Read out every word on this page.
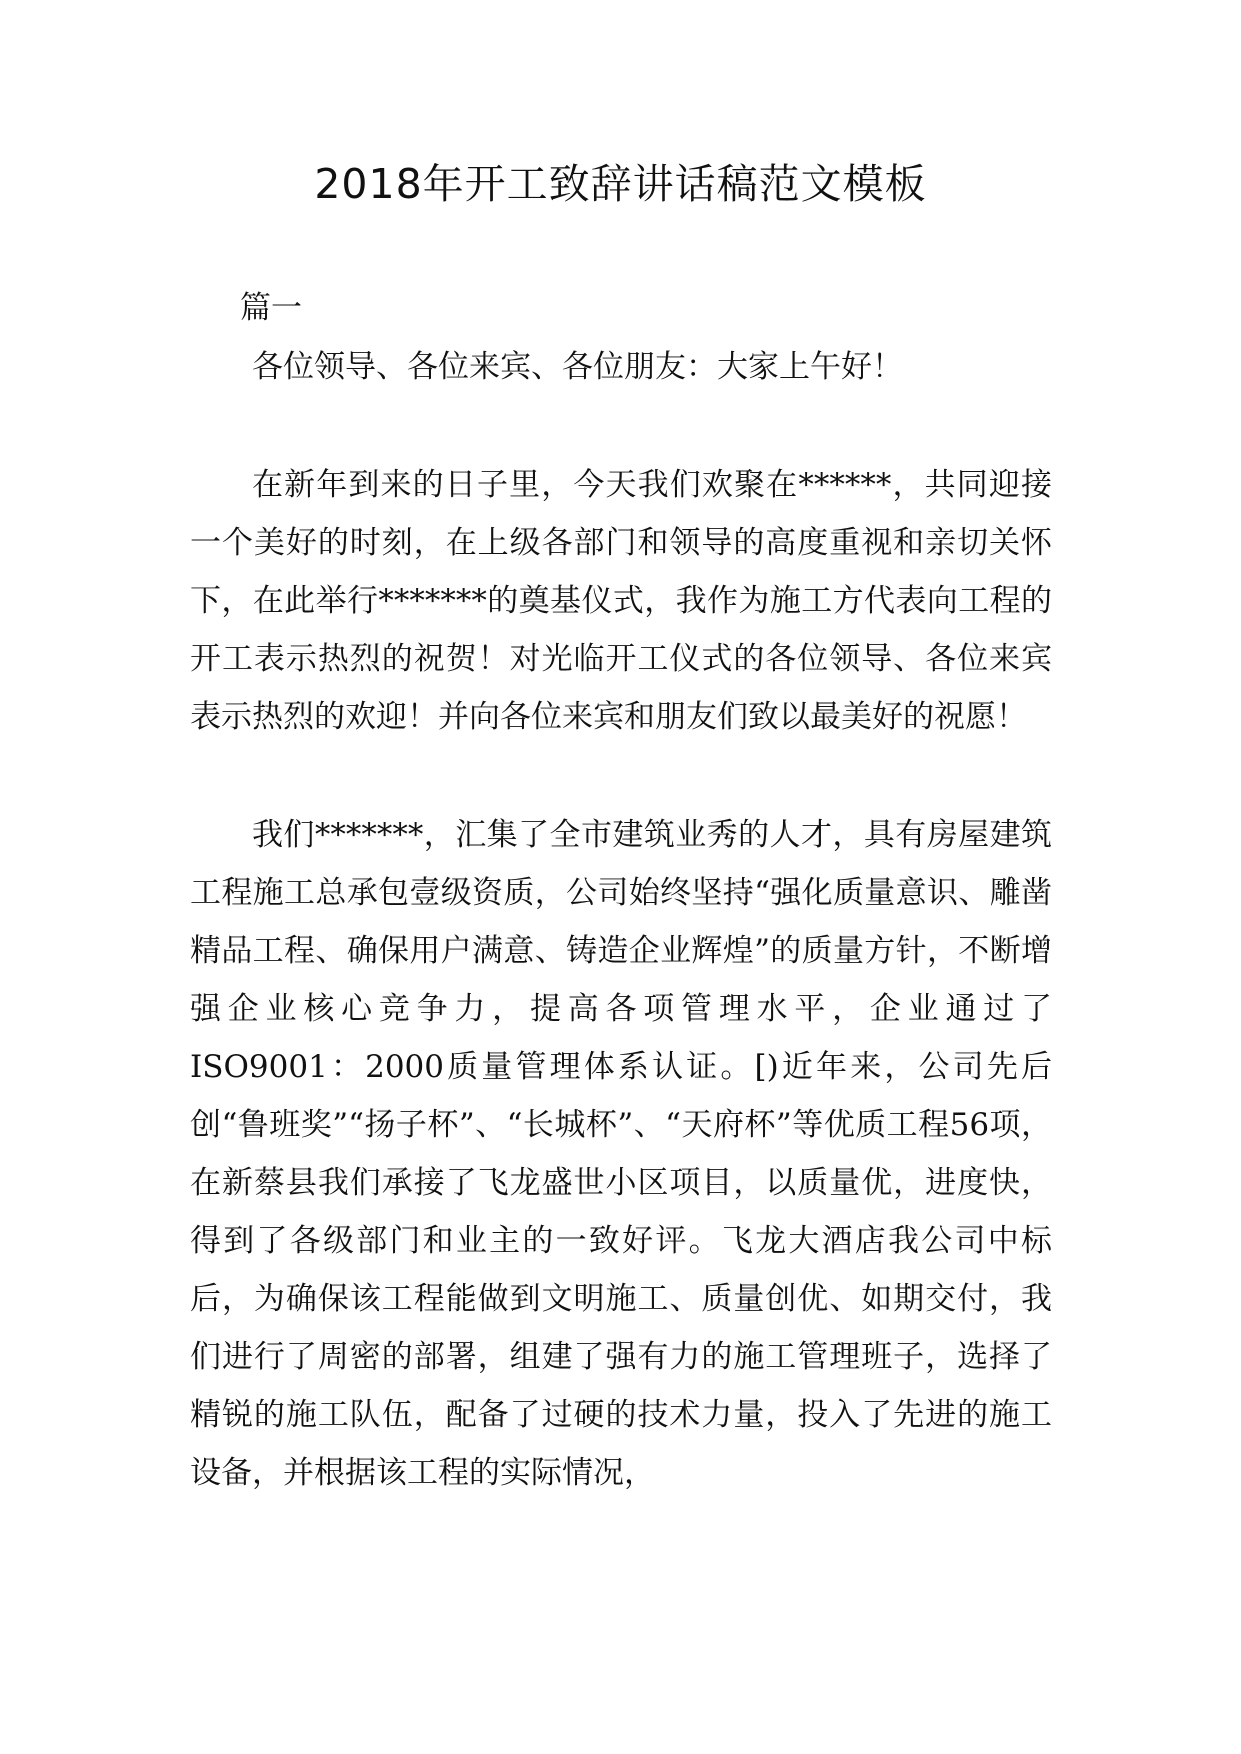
2018年开工致辞讲话稿范文模板
篇一

各位领导、各位来宾、各位朋友：大家上午好！

在新年到来的日子里，今天我们欢聚在******，共同迎接一个美好的时刻，在上级各部门和领导的高度重视和亲切关怀下，在此举行*******的奠基仪式，我作为施工方代表向工程的开工表示热烈的祝贺！对光临开工仪式的各位领导、各位来宾表示热烈的欢迎！并向各位来宾和朋友们致以最美好的祝愿！

我们*******，汇集了全市建筑业秀的人才，具有房屋建筑工程施工总承包壹级资质，公司始终坚持“强化质量意识、雕凿精品工程、确保用户满意、铸造企业辉煌”的质量方针，不断增强企业核心竞争力，提高各项管理水平，企业通过了ISO9001：2000质量管理体系认证。[)近年来，公司先后创“鲁班奖”“扬子杯”、“长城杯”、“天府杯”等优质工程56项，在新蔡县我们承接了飞龙盛世小区项目，以质量优，进度快，得到了各级部门和业主的一致好评。飞龙大酒店我公司中标后，为确保该工程能做到文明施工、质量创优、如期交付，我们进行了周密的部署，组建了强有力的施工管理班子，选择了精锐的施工队伍，配备了过硬的技术力量，投入了先进的施工设备，并根据该工程的实际情况，
